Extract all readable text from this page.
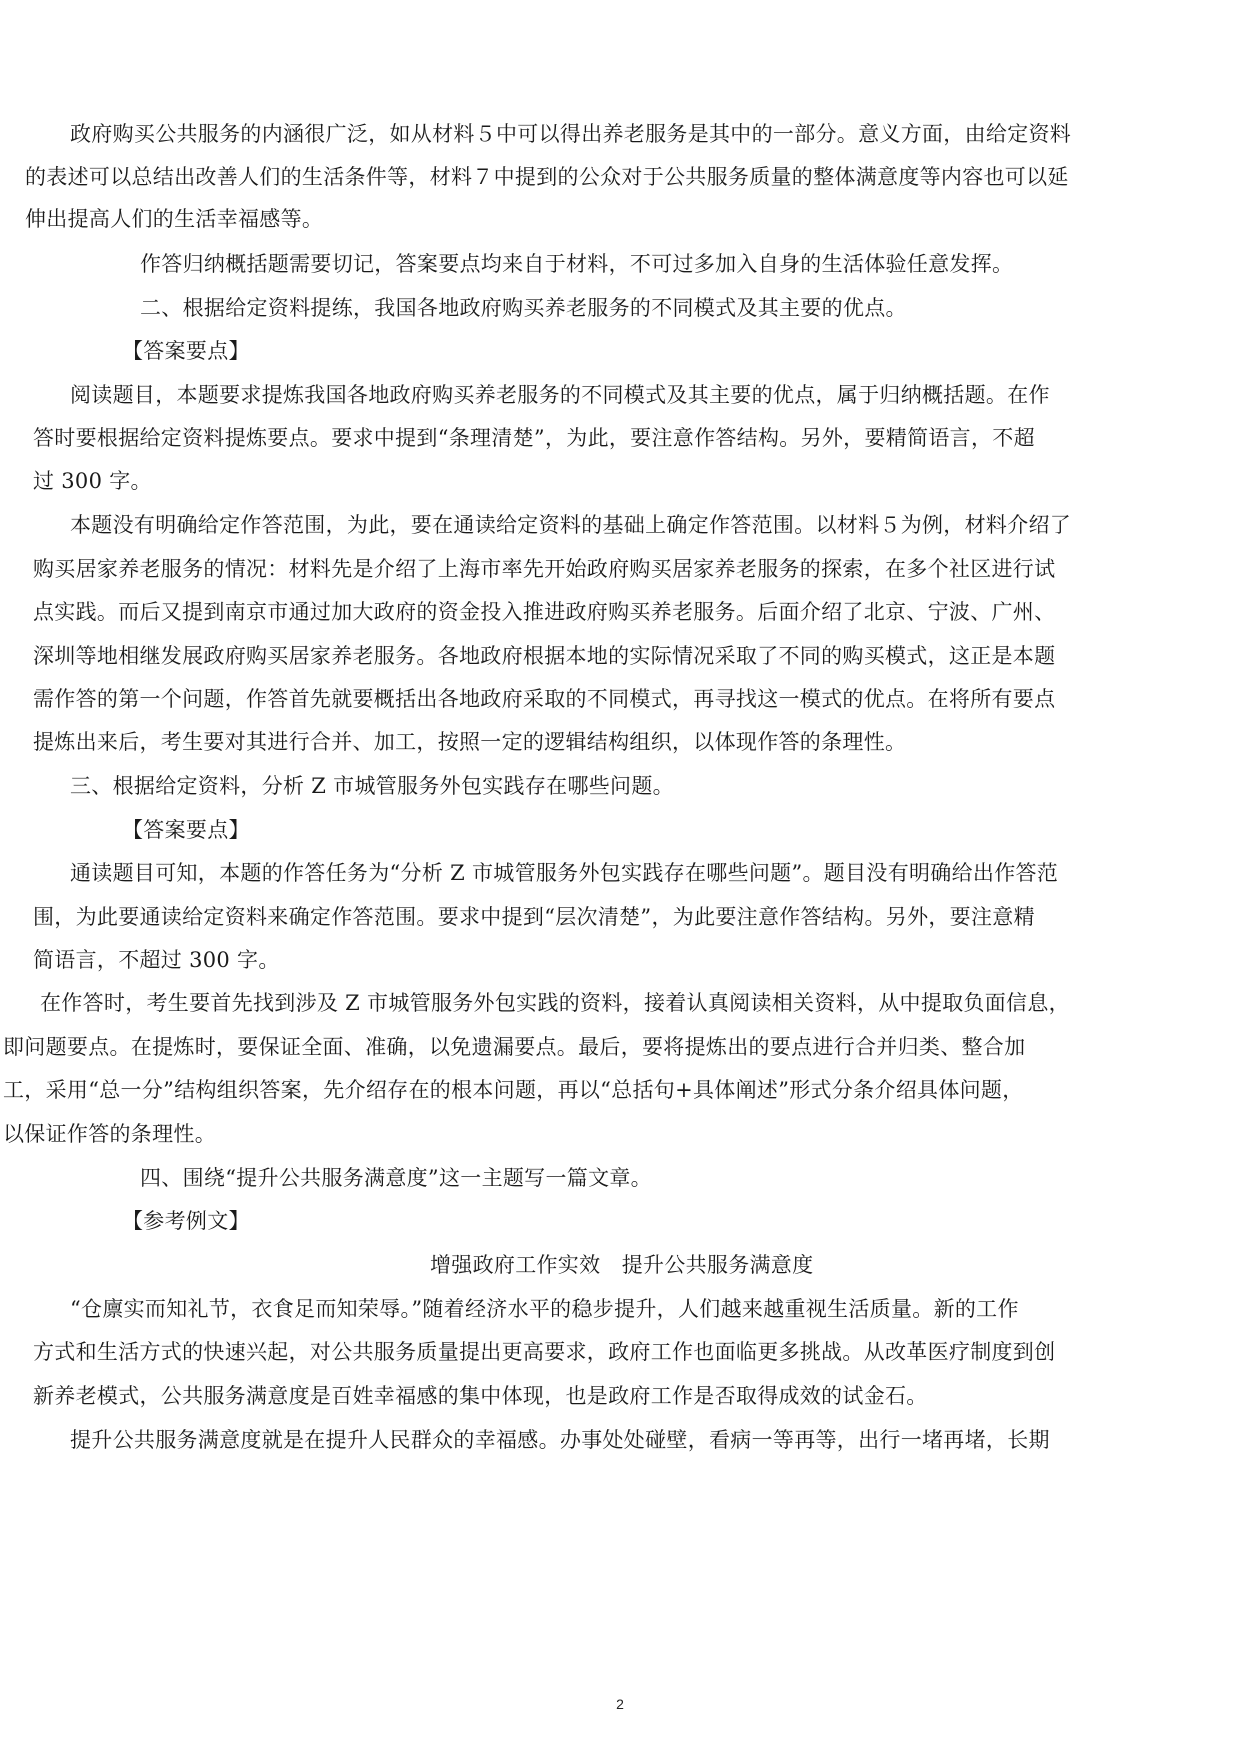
政府购买公共服务的内涵很广泛，如从材料５中可以得出养老服务是其中的一部分。意义方面，由给定资料
的表述可以总结出改善人们的生活条件等，材料７中提到的公众对于公共服务质量的整体满意度等内容也可以延
伸出提高人们的生活幸福感等。
作答归纳概括题需要切记，答案要点均来自于材料，不可过多加入自身的生活体验任意发挥。
二、根据给定资料提练，我国各地政府购买养老服务的不同模式及其主要的优点。
【答案要点】
阅读题目，本题要求提炼我国各地政府购买养老服务的不同模式及其主要的优点，属于归纳概括题。在作
答时要根据给定资料提炼要点。要求中提到“条理清楚”，为此，要注意作答结构。另外，要精简语言，不超
过 300 字。
本题没有明确给定作答范围，为此，要在通读给定资料的基础上确定作答范围。以材料５为例，材料介绍了
购买居家养老服务的情况：材料先是介绍了上海市率先开始政府购买居家养老服务的探索，在多个社区进行试
点实践。而后又提到南京市通过加大政府的资金投入推进政府购买养老服务。后面介绍了北京、宁波、广州、
深圳等地相继发展政府购买居家养老服务。各地政府根据本地的实际情况采取了不同的购买模式，这正是本题
需作答的第一个问题，作答首先就要概括出各地政府采取的不同模式，再寻找这一模式的优点。在将所有要点
提炼出来后，考生要对其进行合并、加工，按照一定的逻辑结构组织，以体现作答的条理性。
三、根据给定资料，分析 Z 市城管服务外包实践存在哪些问题。
【答案要点】
通读题目可知，本题的作答任务为“分析 Z 市城管服务外包实践存在哪些问题”。题目没有明确给出作答范
围，为此要通读给定资料来确定作答范围。要求中提到“层次清楚”，为此要注意作答结构。另外，要注意精
简语言，不超过 300 字。
在作答时，考生要首先找到涉及 Z 市城管服务外包实践的资料，接着认真阅读相关资料，从中提取负面信息，
即问题要点。在提炼时，要保证全面、准确，以免遗漏要点。最后，要将提炼出的要点进行合并归类、整合加
工，采用“总一分”结构组织答案，先介绍存在的根本问题，再以“总括句+具体阐述”形式分条介绍具体问题，
以保证作答的条理性。
四、围绕“提升公共服务满意度”这一主题写一篇文章。
【参考例文】
增强政府工作实效　提升公共服务满意度
“仓廪实而知礼节，衣食足而知荣辱。”随着经济水平的稳步提升，人们越来越重视生活质量。新的工作
方式和生活方式的快速兴起，对公共服务质量提出更高要求，政府工作也面临更多挑战。从改革医疗制度到创
新养老模式，公共服务满意度是百姓幸福感的集中体现，也是政府工作是否取得成效的试金石。
提升公共服务满意度就是在提升人民群众的幸福感。办事处处碰壁，看病一等再等，出行一堵再堵，长期
2
